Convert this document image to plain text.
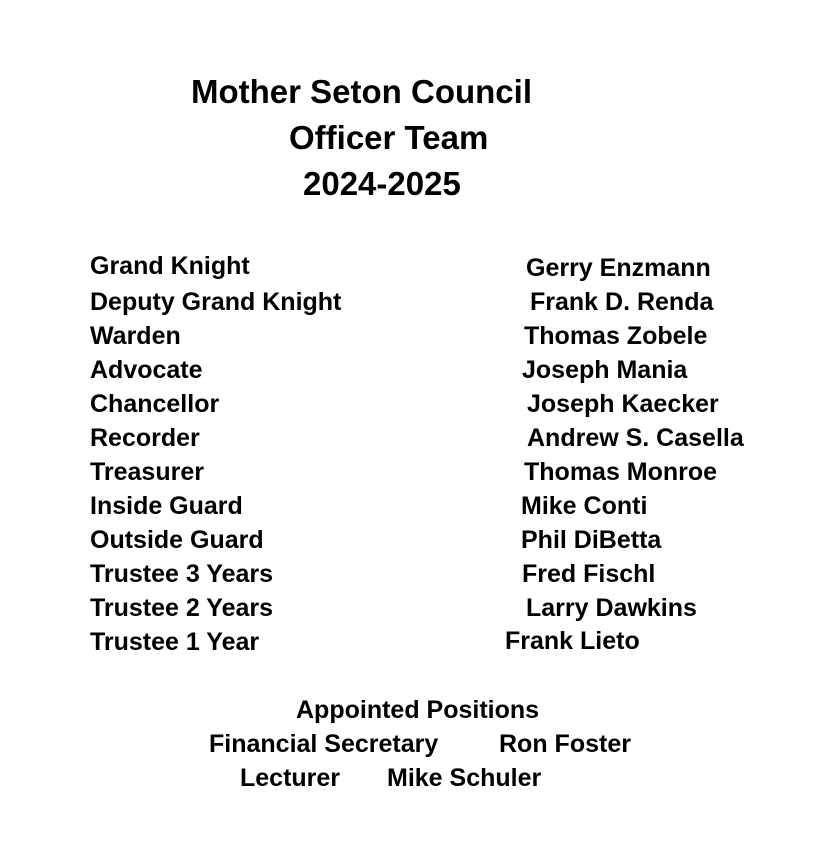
Mother Seton Council
Officer Team
2024-2025
Grand Knight
Deputy Grand Knight
Warden
Advocate
Chancellor
Recorder
Treasurer
Inside Guard
Outside Guard
Trustee 3 Years
Trustee 2 Years
Trustee 1 Year
Gerry Enzmann
Frank D. Renda
Thomas Zobele
Joseph Mania
Joseph Kaecker
Andrew S. Casella
Thomas Monroe
Mike Conti
Phil DiBetta
Fred Fischl
Larry Dawkins
Frank Lieto
Appointed Positions
Financial Secretary Ron Foster
Lecturer Mike Schuler
